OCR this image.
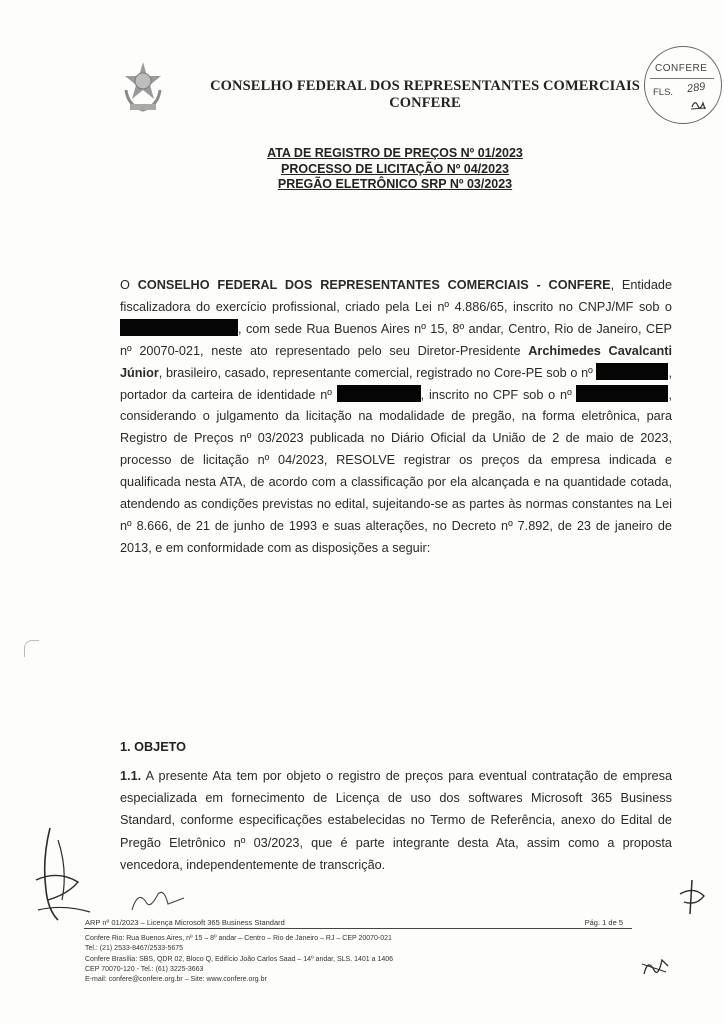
CONSELHO FEDERAL DOS REPRESENTANTES COMERCIAIS
CONFERE
CONFERE
FLS. 289
ATA DE REGISTRO DE PREÇOS Nº 01/2023
PROCESSO DE LICITAÇÃO Nº 04/2023
PREGÃO ELETRÔNICO SRP Nº 03/2023
O CONSELHO FEDERAL DOS REPRESENTANTES COMERCIAIS - CONFERE, Entidade fiscalizadora do exercício profissional, criado pela Lei nº 4.886/65, inscrito no CNPJ/MF sob o , com sede Rua Buenos Aires nº 15, 8º andar, Centro, Rio de Janeiro, CEP nº 20070-021, neste ato representado pelo seu Diretor-Presidente Archimedes Cavalcanti Júnior, brasileiro, casado, representante comercial, registrado no Core-PE sob o nº	, portador da carteira de identidade nº	, inscrito no CPF sob o nº	, considerando o julgamento da licitação na modalidade de pregão, na forma eletrônica, para Registro de Preços nº 03/2023 publicada no Diário Oficial da União de 2 de maio de 2023, processo de licitação nº 04/2023, RESOLVE registrar os preços da empresa indicada e qualificada nesta ATA, de acordo com a classificação por ela alcançada e na quantidade cotada, atendendo as condições previstas no edital, sujeitando-se as partes às normas constantes na Lei nº 8.666, de 21 de junho de 1993 e suas alterações, no Decreto nº 7.892, de 23 de janeiro de 2013, e em conformidade com as disposições a seguir:
1. OBJETO
1.1. A presente Ata tem por objeto o registro de preços para eventual contratação de empresa especializada em fornecimento de Licença de uso dos softwares Microsoft 365 Business Standard, conforme especificações estabelecidas no Termo de Referência, anexo do Edital de Pregão Eletrônico nº 03/2023, que é parte integrante desta Ata, assim como a proposta vencedora, independentemente de transcrição.
ARP nº 01/2023 – Licença Microsoft 365 Business Standard	Pág. 1 de 5
Confere Rio: Rua Buenos Aires, nº 15 – 8º andar – Centro – Rio de Janeiro – RJ – CEP 20070-021
Tel.: (21) 2533-8467/2533-5675
Confere Brasília: SBS, QDR 02, Bloco Q, Edifício João Carlos Saad – 14º andar, SLS. 1401 a 1406
CEP 70070-120 - Tel.: (61) 3225-3663
E-mail: confere@confere.org.br – Site: www.confere.org.br
